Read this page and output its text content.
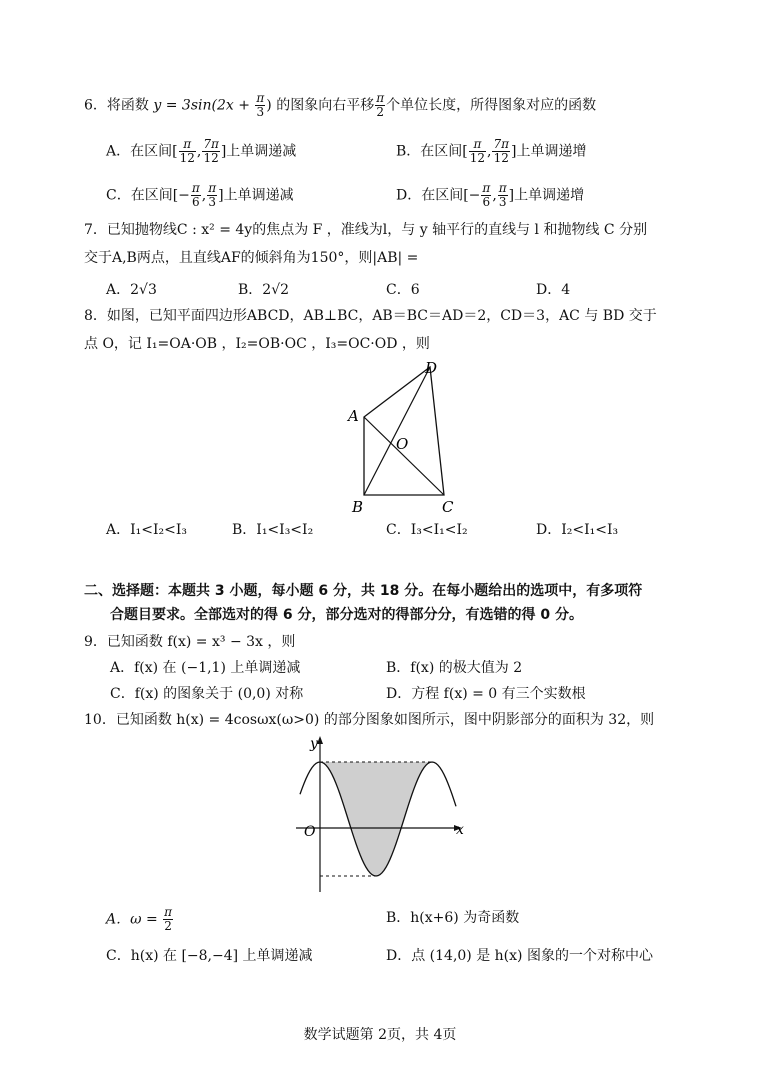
6．将函数 $y = 3\sin(2x + \frac{\pi}{3}$ ) 的图象向右平移 $\frac{\pi}{2}$ 个单位长度，所得图象对应的函数
A．在区间[ $\frac{\pi}{12}$ , $\frac{7\pi}{12}$ ]上单调递减	B．在区间[ $\frac{\pi}{12}$ , $\frac{7\pi}{12}$ ]上单调递增
C．在区间[− $\frac{\pi}{6}$ , $\frac{\pi}{3}$ ]上单调递减	D．在区间[− $\frac{\pi}{6}$ , $\frac{\pi}{3}$ ]上单调递增
7．已知抛物线C : x² = 4y的焦点为 F ，准线为l，与 y 轴平行的直线与 l 和抛物线 C 分别
交于A,B两点，且直线AF的倾斜角为150°，则|AB| =
A．2√3	B．2√2	C．6	D．4
8．如图，已知平面四边形ABCD，AB⊥BC，AB＝BC＝AD＝2，CD＝3，AC 与 BD 交于
点 O，记 I₁=OA·OB ，I₂=OB·OC ，I₃=OC·OD ，则
A
B	C
D
O
A．I₁<I₂<I₃	B．I₁<I₃<I₂	C．I₃<I₁<I₂	D．I₂<I₁<I₃
二、选择题：本题共 3 小题，每小题 6 分，共 18 分。在每小题给出的选项中，有多项符
合题目要求。全部选对的得 6 分，部分选对的得部分分，有选错的得 0 分。
9．已知函数 f(x) = x³ − 3x ，则
A．f(x) 在 (−1,1) 上单调递减	B．f(x) 的极大值为 2
C．f(x) 的图象关于 (0,0) 对称	D．方程 f(x) = 0 有三个实数根
10．已知函数 h(x) = 4cosωx(ω>0) 的部分图象如图所示，图中阴影部分的面积为 32，则
y
x
O
A．$\omega = \frac{\pi}{2}$	B．h(x+6) 为奇函数
C．h(x) 在 [−8,−4] 上单调递减	D．点 (14,0) 是 h(x) 图象的一个对称中心
数学试题第 2页，共 4页
